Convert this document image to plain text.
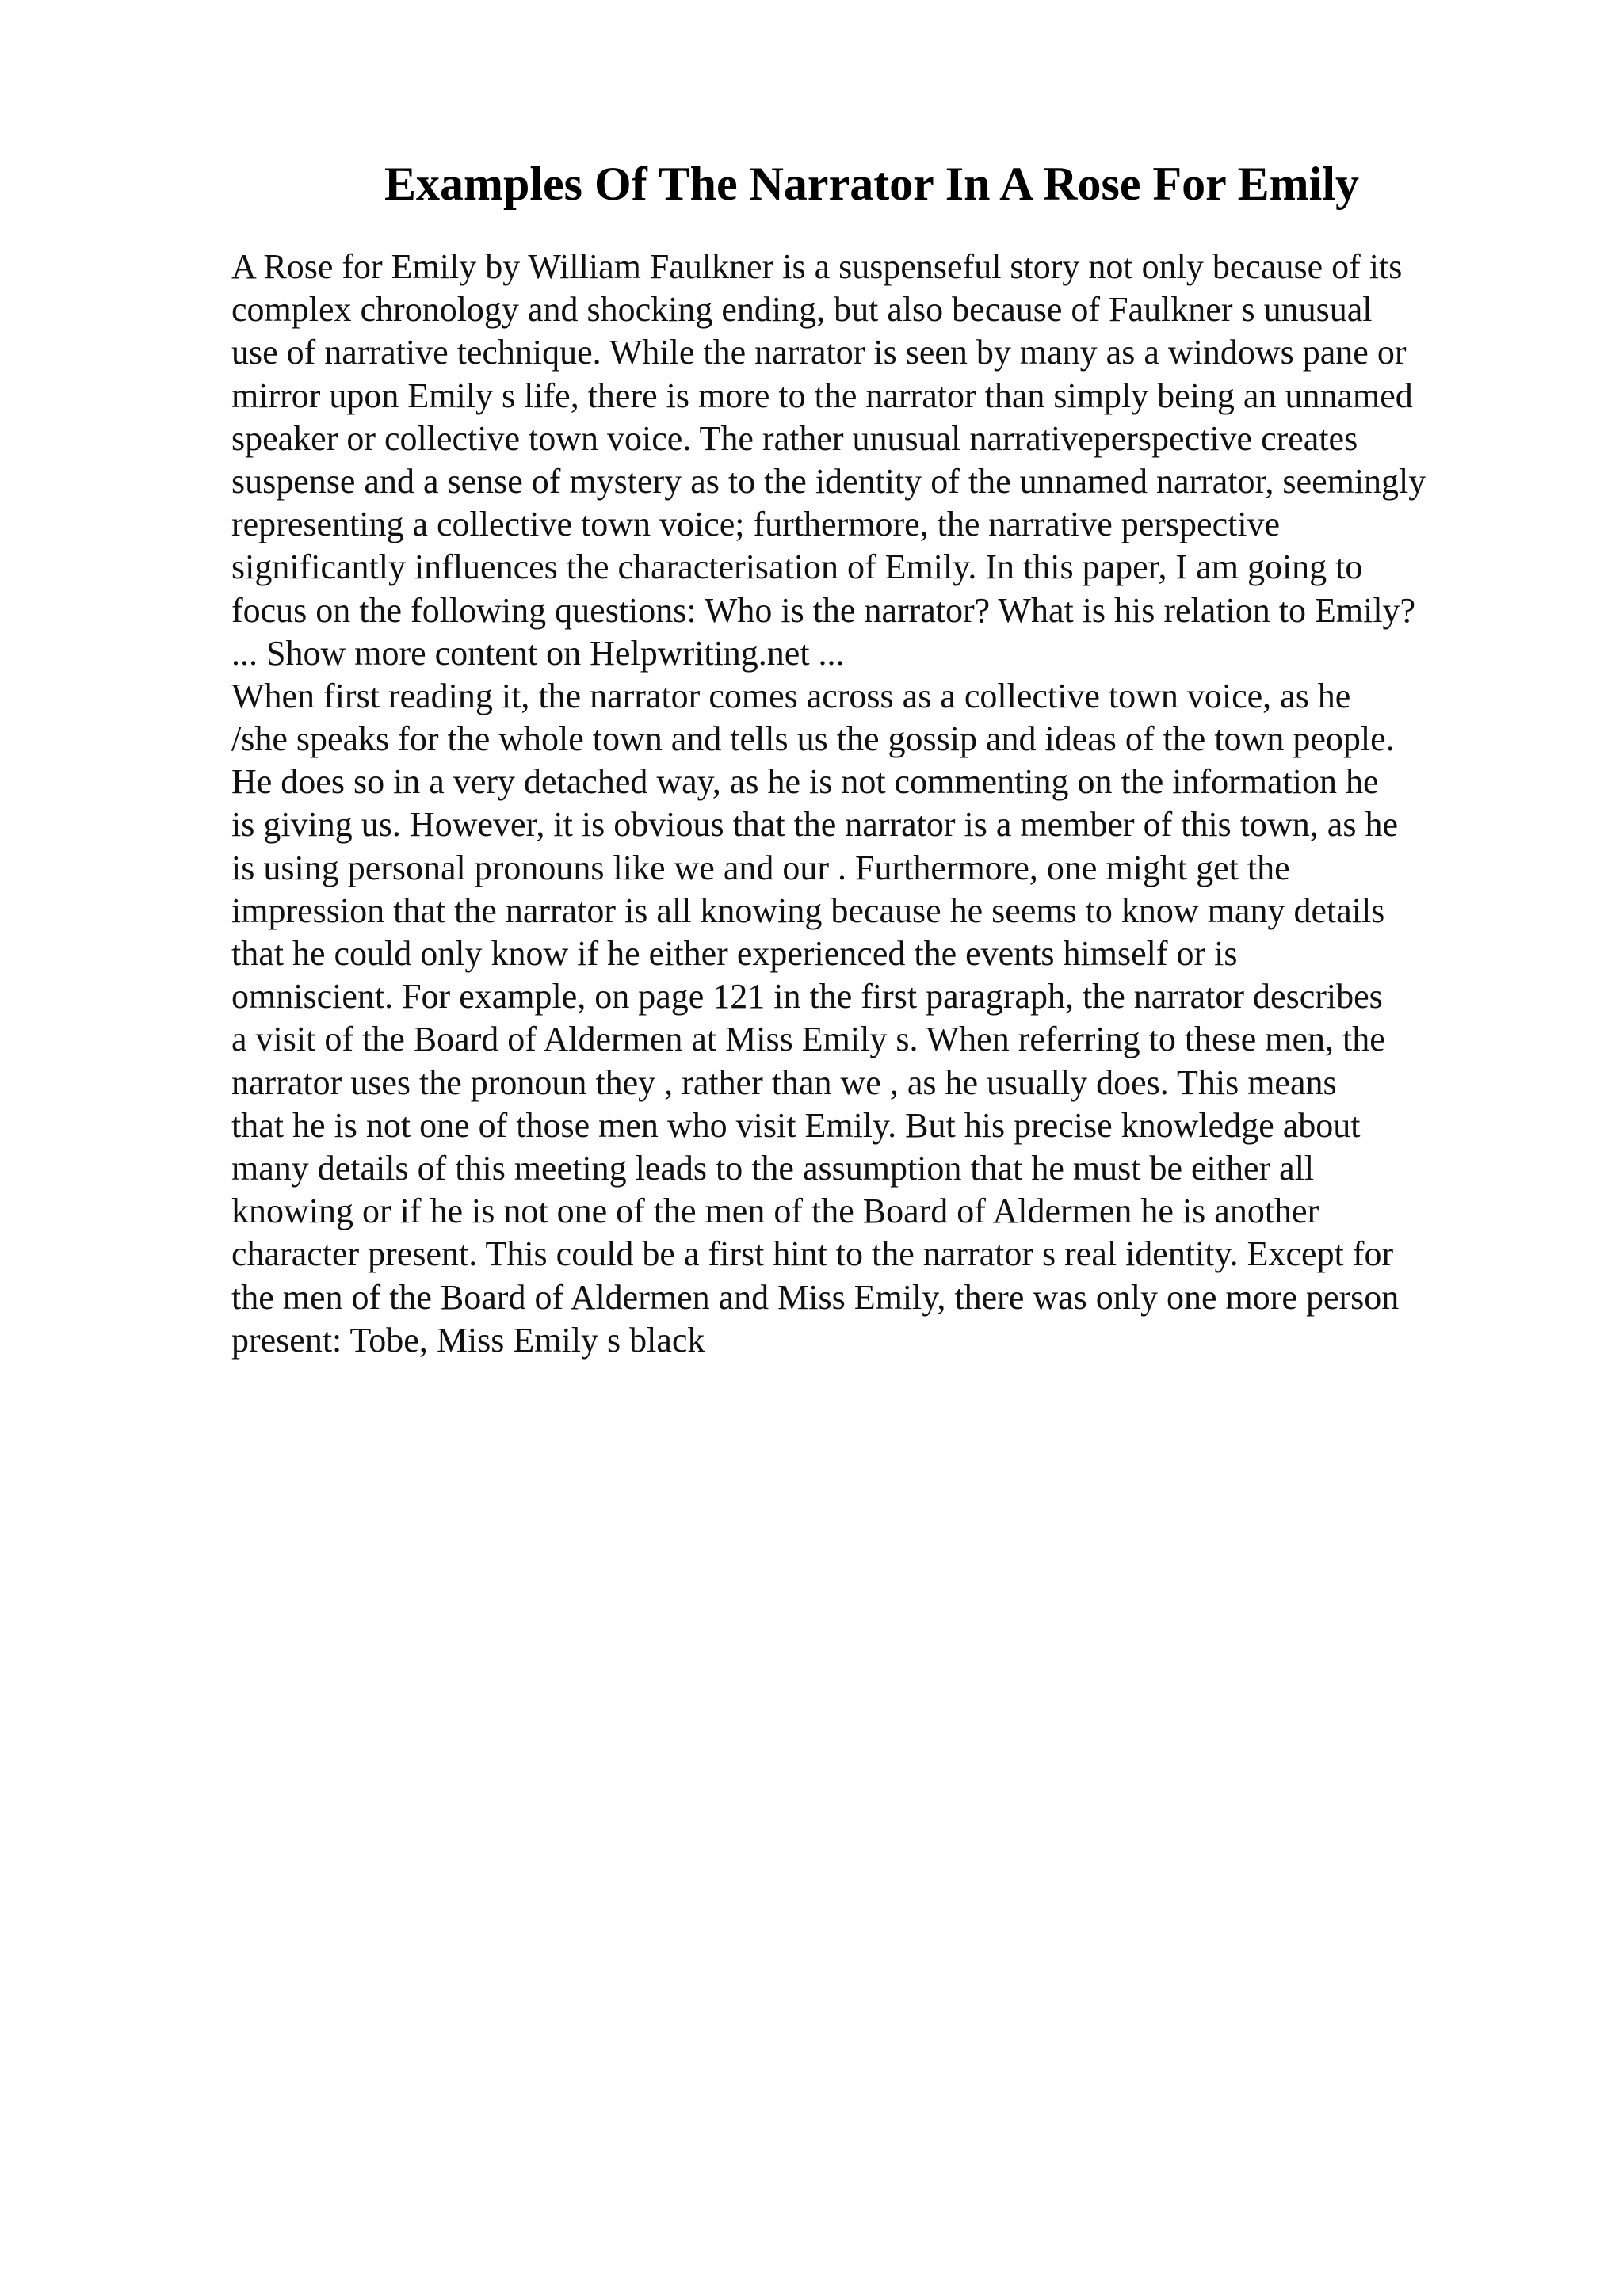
Examples Of The Narrator In A Rose For Emily
A Rose for Emily by William Faulkner is a suspenseful story not only because of its
complex chronology and shocking ending, but also because of Faulkner s unusual
use of narrative technique. While the narrator is seen by many as a windows pane or
mirror upon Emily s life, there is more to the narrator than simply being an unnamed
speaker or collective town voice. The rather unusual narrativeperspective creates
suspense and a sense of mystery as to the identity of the unnamed narrator, seemingly
representing a collective town voice; furthermore, the narrative perspective
significantly influences the characterisation of Emily. In this paper, I am going to
focus on the following questions: Who is the narrator? What is his relation to Emily?
... Show more content on Helpwriting.net ...
When first reading it, the narrator comes across as a collective town voice, as he
/she speaks for the whole town and tells us the gossip and ideas of the town people.
He does so in a very detached way, as he is not commenting on the information he
is giving us. However, it is obvious that the narrator is a member of this town, as he
is using personal pronouns like we and our . Furthermore, one might get the
impression that the narrator is all knowing because he seems to know many details
that he could only know if he either experienced the events himself or is
omniscient. For example, on page 121 in the first paragraph, the narrator describes
a visit of the Board of Aldermen at Miss Emily s. When referring to these men, the
narrator uses the pronoun they , rather than we , as he usually does. This means
that he is not one of those men who visit Emily. But his precise knowledge about
many details of this meeting leads to the assumption that he must be either all
knowing or if he is not one of the men of the Board of Aldermen he is another
character present. This could be a first hint to the narrator s real identity. Except for
the men of the Board of Aldermen and Miss Emily, there was only one more person
present: Tobe, Miss Emily s black
